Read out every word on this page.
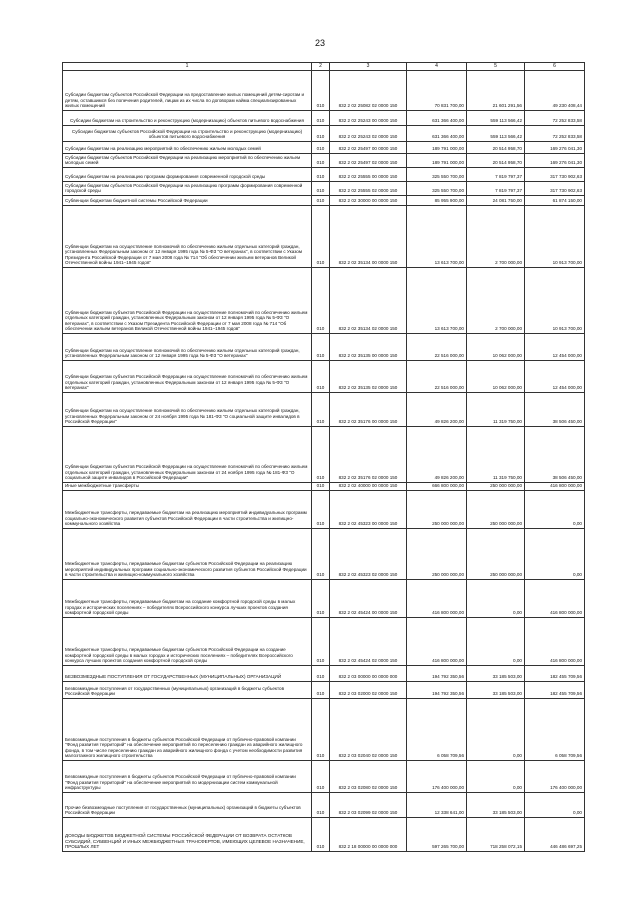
23
1	2	3	4	5	6
Субсидии бюджетам субъектов Российской Федерации на предоставление жилых помещений детям-сиротам и детям, оставшимся без попечения родителей, лицам из их числа по договорам найма специализированных жилых помещений	010	832 2 02 25082 02 0000 150	70 831 700,00	21 601 291,56	49 230 408,44
Субсидии бюджетам на строительство и реконструкцию (модернизацию) объектов питьевого водоснабжения	010	832 2 02 25243 00 0000 150	631 366 400,00	559 113 566,42	72 252 833,58
Субсидии бюджетам субъектов Российской Федерации на строительство и реконструкцию (модернизацию) объектов питьевого водоснабжения	010	832 2 02 25243 02 0000 150	631 366 400,00	559 113 566,42	72 252 833,58
Субсидии бюджетам на реализацию мероприятий по обеспечению жильем молодых семей	010	832 2 02 25497 00 0000 150	189 791 000,00	20 514 958,70	169 276 041,30
Субсидии бюджетам субъектов Российской Федерации на реализацию мероприятий по обеспечению жильем молодых семей	010	832 2 02 25497 02 0000 150	189 791 000,00	20 514 958,70	169 276 041,30
Субсидии бюджетам на реализацию программ формирования современной городской среды	010	832 2 02 25555 00 0000 150	325 550 700,00	7 819 797,37	317 730 902,63
Субсидии бюджетам субъектов Российской Федерации на реализацию программ формирования современной городской среды	010	832 2 02 25555 02 0000 150	325 550 700,00	7 819 797,37	317 730 902,63
Субвенции бюджетам бюджетной системы Российской Федерации	010	832 2 02 30000 00 0000 150	85 955 900,00	24 081 750,00	61 874 150,00
Субвенции бюджетам на осуществление полномочий по обеспечению жильем отдельных категорий граждан, установленных Федеральным законом от 12 января 1995 года № 5-ФЗ "О ветеранах", в соответствии с Указом Президента Российской Федерации от 7 мая 2008 года № 714 "Об обеспечении жильем ветеранов Великой Отечественной войны 1941–1945 годов"	010	832 2 02 35134 00 0000 150	13 613 700,00	2 700 000,00	10 913 700,00
Субвенции бюджетам субъектов Российской Федерации на осуществление полномочий по обеспечению жильем отдельных категорий граждан, установленных Федеральным законом от 12 января 1995 года № 5-ФЗ "О ветеранах", в соответствии с Указом Президента Российской Федерации от 7 мая 2008 года № 714 "Об обеспечении жильем ветеранов Великой Отечественной войны 1941–1945 годов"	010	832 2 02 35134 02 0000 150	13 613 700,00	2 700 000,00	10 913 700,00
Субвенции бюджетам на осуществление полномочий по обеспечению жильем отдельных категорий граждан, установленных Федеральным законом от 12 января 1995 года № 5-ФЗ "О ветеранах"	010	832 2 02 35135 00 0000 150	22 516 000,00	10 062 000,00	12 454 000,00
Субвенции бюджетам субъектов Российской Федерации на осуществление полномочий по обеспечению жильем отдельных категорий граждан, установленных Федеральным законом от 12 января 1995 года № 5-ФЗ "О ветеранах"	010	832 2 02 35135 02 0000 150	22 516 000,00	10 062 000,00	12 454 000,00
Субвенции бюджетам на осуществление полномочий по обеспечению жильем отдельных категорий граждан, установленных Федеральным законом от 24 ноября 1995 года № 181-ФЗ "О социальной защите инвалидов в Российской Федерации"	010	832 2 02 35176 00 0000 150	49 826 200,00	11 319 750,00	38 506 450,00
Субвенции бюджетам субъектов Российской Федерации на осуществление полномочий по обеспечению жильем отдельных категорий граждан, установленных Федеральным законом от 24 ноября 1995 года № 181-ФЗ "О социальной защите инвалидов в Российской Федерации"	010	832 2 02 35176 02 0000 150	49 826 200,00	11 319 750,00	38 506 450,00
Иные межбюджетные трансферты	010	832 2 02 40000 00 0000 150	666 800 000,00	250 000 000,00	416 800 000,00
Межбюджетные трансферты, передаваемые бюджетам на реализацию мероприятий индивидуальных программ социально-экономического развития субъектов Российской Федерации в части строительства и жилищно-коммунального хозяйства	010	832 2 02 45323 00 0000 150	250 000 000,00	250 000 000,00	0,00
Межбюджетные трансферты, передаваемые бюджетам субъектов Российской Федерации на реализацию мероприятий индивидуальных программ социально-экономического развития субъектов Российской Федерации в части строительства и жилищно-коммунального хозяйства	010	832 2 02 45323 02 0000 150	250 000 000,00	250 000 000,00	0,00
Межбюджетные трансферты, передаваемые бюджетам на создание комфортной городской среды в малых городах и исторических поселениях – победителях Всероссийского конкурса лучших проектов создания комфортной городской среды	010	832 2 02 45424 00 0000 150	416 800 000,00	0,00	416 800 000,00
Межбюджетные трансферты, передаваемые бюджетам субъектов Российской Федерации на создание комфортной городской среды в малых городах и исторических поселениях – победителях Всероссийского конкурса лучших проектов создания комфортной городской среды	010	832 2 02 45424 02 0000 150	416 800 000,00	0,00	416 800 000,00
БЕЗВОЗМЕЗДНЫЕ ПОСТУПЛЕНИЯ ОТ ГОСУДАРСТВЕННЫХ (МУНИЦИПАЛЬНЫХ) ОРГАНИЗАЦИЙ	010	832 2 03 00000 00 0000 000	194 792 350,56	33 185 503,00	182 455 709,56
Безвозмездные поступления от государственных (муниципальных) организаций в бюджеты субъектов Российской Федерации	010	832 2 03 02000 02 0000 150	194 792 350,56	33 185 503,00	182 455 709,56
Безвозмездные поступления в бюджеты субъектов Российской Федерации от публично-правовой компании "Фонд развития территорий" на обеспечение мероприятий по переселению граждан из аварийного жилищного фонда, в том числе переселению граждан из аварийного жилищного фонда с учетом необходимости развития малоэтажного жилищного строительства	010	832 2 03 02040 02 0000 150	6 058 709,56	0,00	6 058 709,56
Безвозмездные поступления в бюджеты субъектов Российской Федерации от публично-правовой компании "Фонд развития территорий" на обеспечение мероприятий по модернизации систем коммунальной инфраструктуры	010	832 2 03 02080 02 0000 150	176 400 000,00	0,00	176 400 000,00
Прочие безвозмездные поступления от государственных (муниципальных) организаций в бюджеты субъектов Российской Федерации	010	832 2 03 02099 02 0000 150	12 338 641,00	33 185 503,00	0,00
ДОХОДЫ БЮДЖЕТОВ БЮДЖЕТНОЙ СИСТЕМЫ РОССИЙСКОЙ ФЕДЕРАЦИИ ОТ ВОЗВРАТА ОСТАТКОВ СУБСИДИЙ, СУБВЕНЦИЙ И ИНЫХ МЕЖБЮДЖЕТНЫХ ТРАНСФЕРТОВ, ИМЕЮЩИХ ЦЕЛЕВОЕ НАЗНАЧЕНИЕ, ПРОШЛЫХ ЛЕТ	010	832 2 18 00000 00 0000 000	597 265 700,00	718 258 072,15	446 486 697,25
